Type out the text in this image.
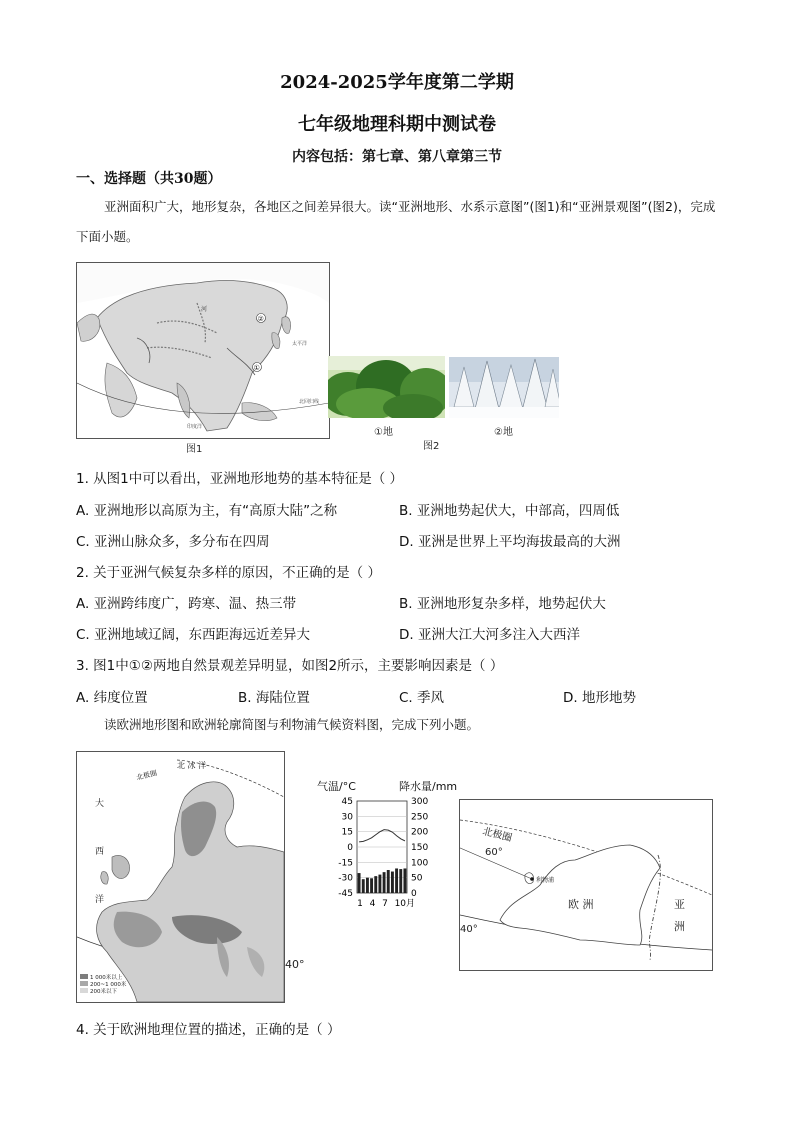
2024-2025学年度第二学期
七年级地理科期中测试卷
内容包括：第七章、第八章第三节
一、选择题（共30题）
亚洲面积广大，地形复杂，各地区之间差异很大。读“亚洲地形、水系示意图”(图1)和“亚洲景观图”(图2)，完成下面小题。
河
太平洋
印度洋
北回归线
①
②
图1
①地	②地
图2
1. 从图1中可以看出，亚洲地形地势的基本特征是（ ）
A. 亚洲地形以高原为主，有“高原大陆”之称	B. 亚洲地势起伏大，中部高，四周低
C. 亚洲山脉众多，多分布在四周	D. 亚洲是世界上平均海拔最高的大洲
2. 关于亚洲气候复杂多样的原因，不正确的是（ ）
A. 亚洲跨纬度广，跨寒、温、热三带	B. 亚洲地形复杂多样，地势起伏大
C. 亚洲地域辽阔，东西距海远近差异大	D. 亚洲大江大河多注入大西洋
3. 图1中①②两地自然景观差异明显，如图2所示，主要影响因素是（ ）
A. 纬度位置	B. 海陆位置	C. 季风	D. 地形地势
读欧洲地形图和欧洲轮廓简图与利物浦气候资料图，完成下列小题。
北 冰 洋
北极圈
大
西
洋
1 000米以上
200~1 000米
200米以下
40°
气温/°C	降水量/mm
45
30
15
0
-15
-30
-45
300
250
200
150
100
50
0
1 4 7 10月
北极圈
60°
40°
利物浦
欧 洲	亚
洲
4. 关于欧洲地理位置的描述，正确的是（ ）
